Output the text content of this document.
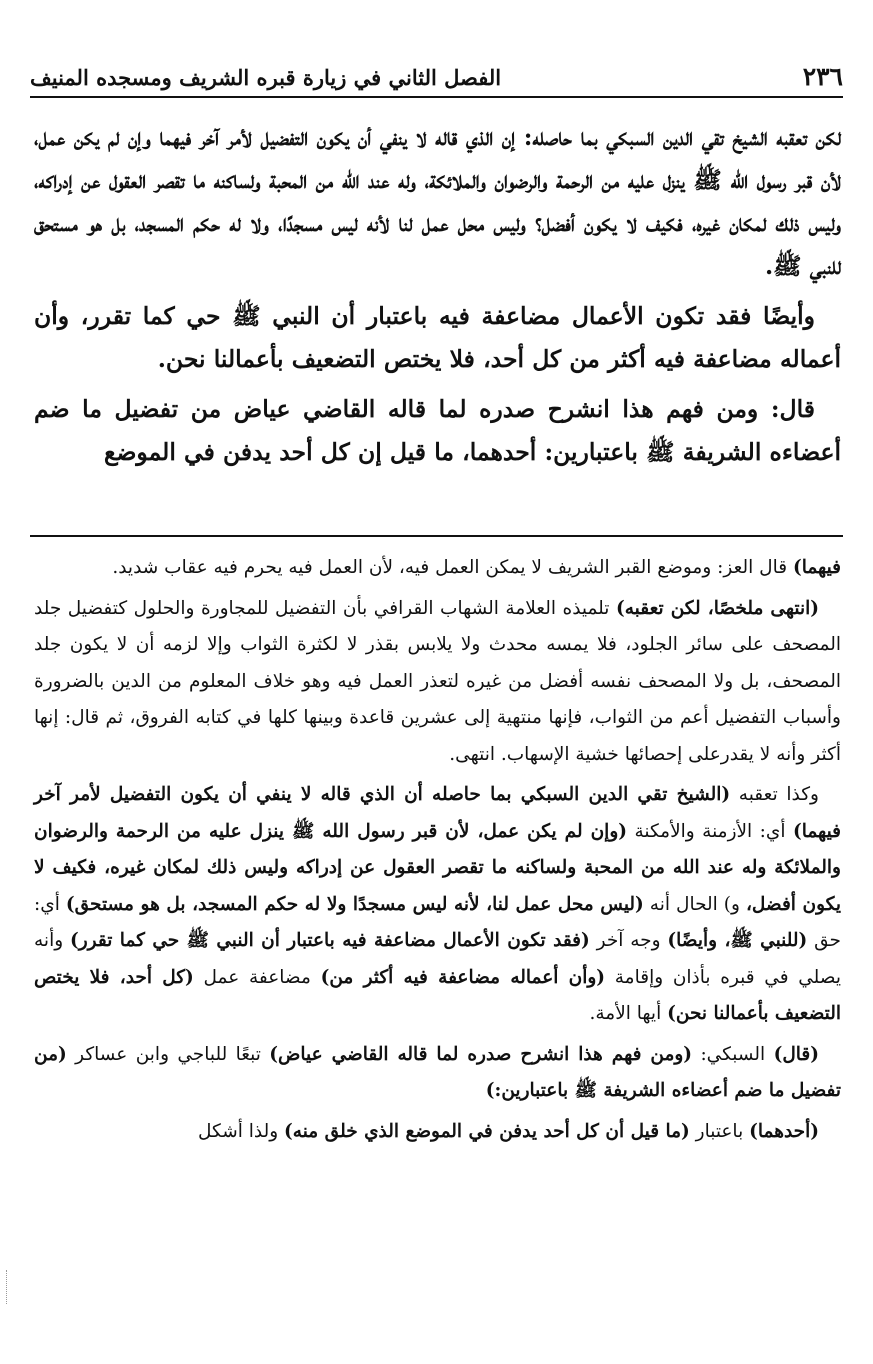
٢٣٦
الفصل الثاني في زيارة قبره الشريف ومسجده المنيف

لكن تعقبه الشيخ تقي الدين السبكي بما حاصله: إن الذي قاله لا ينفي أن يكون التفضيل لأمر آخر فيهما وإن لم يكن عمل، لأن قبر رسول الله ﷺ ينزل عليه من الرحمة والرضوان والملائكة، وله عند الله من المحبة ولساكنه ما تقصر العقول عن إدراكه، وليس ذلك لمكان غيره، فكيف لا يكون أفضل؟ وليس محل عمل لنا لأنه ليس مسجدًا، ولا له حكم المسجد، بل هو مستحق للنبي ﷺ.

وأيضًا فقد تكون الأعمال مضاعفة فيه باعتبار أن النبي ﷺ حي كما تقرر، وأن أعماله مضاعفة فيه أكثر من كل أحد، فلا يختص التضعيف بأعمالنا نحن.

قال: ومن فهم هذا انشرح صدره لما قاله القاضي عياض من تفضيل ما ضم أعضاءه الشريفة ﷺ باعتبارين: أحدهما، ما قيل إن كل أحد يدفن في الموضع

فيهما) قال العز: وموضع القبر الشريف لا يمكن العمل فيه، لأن العمل فيه يحرم فيه عقاب شديد.

(انتهى ملخصًا، لكن تعقبه) تلميذه العلامة الشهاب القرافي بأن التفضيل للمجاورة والحلول كتفضيل جلد المصحف على سائر الجلود، فلا يمسه محدث ولا يلابس بقذر لا لكثرة الثواب وإلا لزمه أن لا يكون جلد المصحف، بل ولا المصحف نفسه أفضل من غيره لتعذر العمل فيه وهو خلاف المعلوم من الدين بالضرورة وأسباب التفضيل أعم من الثواب، فإنها منتهية إلى عشرين قاعدة وبينها كلها في كتابه الفروق، ثم قال: إنها أكثر وأنه لا يقدرعلى إحصائها خشية الإسهاب. انتهى.

وكذا تعقبه (الشيخ تقي الدين السبكي بما حاصله أن الذي قاله لا ينفي أن يكون التفضيل لأمر آخر فيهما) أي: الأزمنة والأمكنة (وإن لم يكن عمل، لأن قبر رسول الله ﷺ ينزل عليه من الرحمة والرضوان والملائكة وله عند الله من المحبة ولساكنه ما تقصر العقول عن إدراكه وليس ذلك لمكان غيره، فكيف لا يكون أفضل، و) الحال أنه (ليس محل عمل لنا، لأنه ليس مسجدًا ولا له حكم المسجد، بل هو مستحق) أي: حق (للنبي ﷺ، وأيضًا) وجه آخر (فقد تكون الأعمال مضاعفة فيه باعتبار أن النبي ﷺ حي كما تقرر) وأنه يصلي في قبره بأذان وإقامة (وأن أعماله مضاعفة فيه أكثر من) مضاعفة عمل (كل أحد، فلا يختص التضعيف بأعمالنا نحن) أيها الأمة.

(قال) السبكي: (ومن فهم هذا انشرح صدره لما قاله القاضي عياض) تبعًا للباجي وابن عساكر (من تفضيل ما ضم أعضاءه الشريفة ﷺ باعتبارين:)

(أحدهما) باعتبار (ما قيل أن كل أحد يدفن في الموضع الذي خلق منه) ولذا أشكل
